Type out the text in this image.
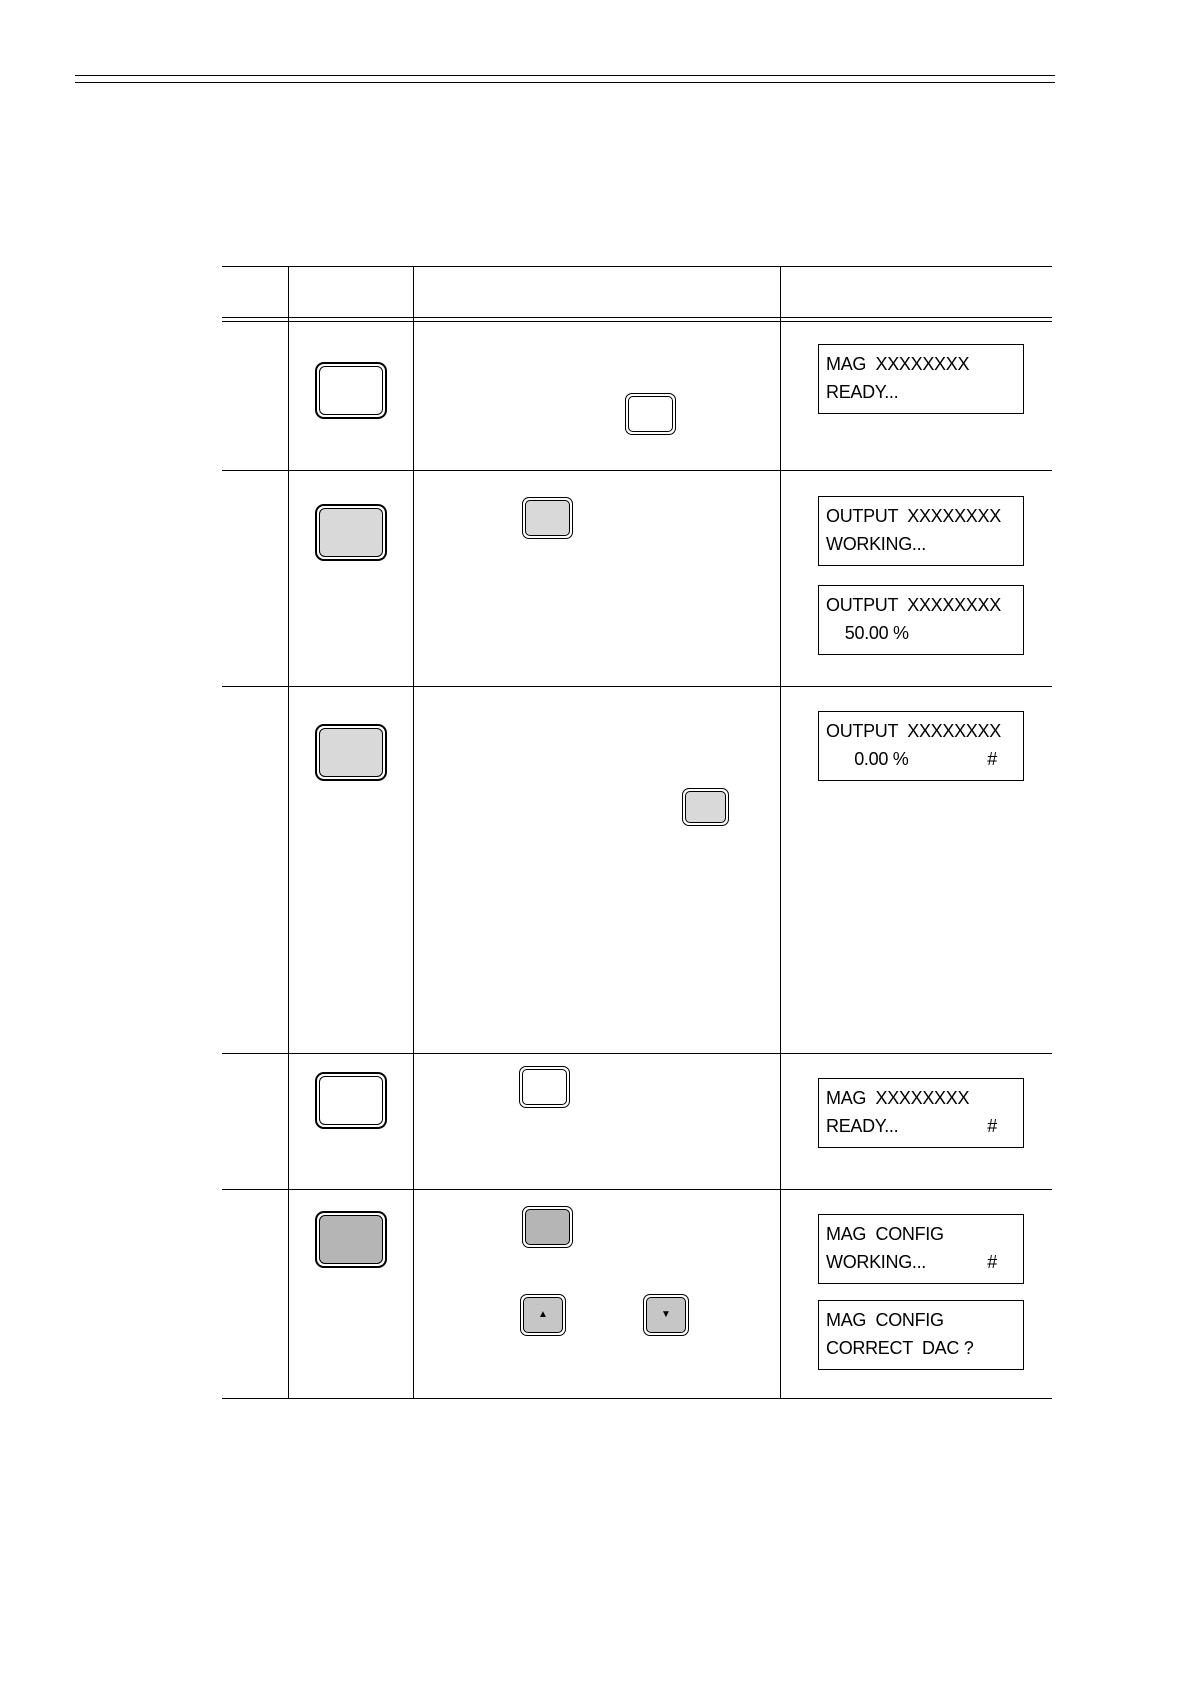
MAG  XXXXXXXX
READY...
OUTPUT  XXXXXXXX
WORKING...
OUTPUT  XXXXXXXX
50.00 %
OUTPUT  XXXXXXXX
0.00 %	#
MAG  XXXXXXXX
READY...	#
▲	▼
MAG  CONFIG
WORKING...	#
MAG  CONFIG
CORRECT  DAC ?
